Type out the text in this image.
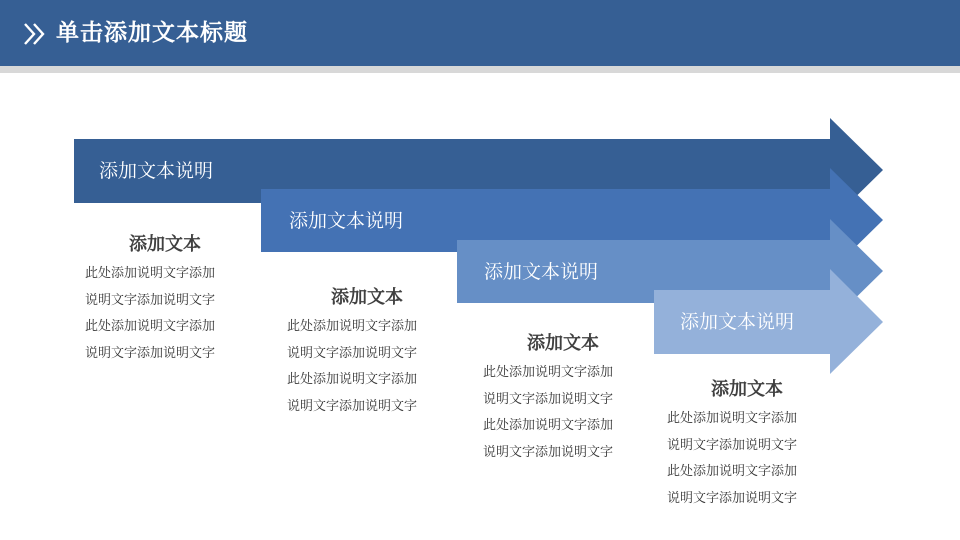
单击添加文本标题
添加文本说明
添加文本说明
添加文本说明
添加文本说明
添加文本
此处添加说明文字添加
说明文字添加说明文字
此处添加说明文字添加
说明文字添加说明文字
添加文本
此处添加说明文字添加
说明文字添加说明文字
此处添加说明文字添加
说明文字添加说明文字
添加文本
此处添加说明文字添加
说明文字添加说明文字
此处添加说明文字添加
说明文字添加说明文字
添加文本
此处添加说明文字添加
说明文字添加说明文字
此处添加说明文字添加
说明文字添加说明文字
